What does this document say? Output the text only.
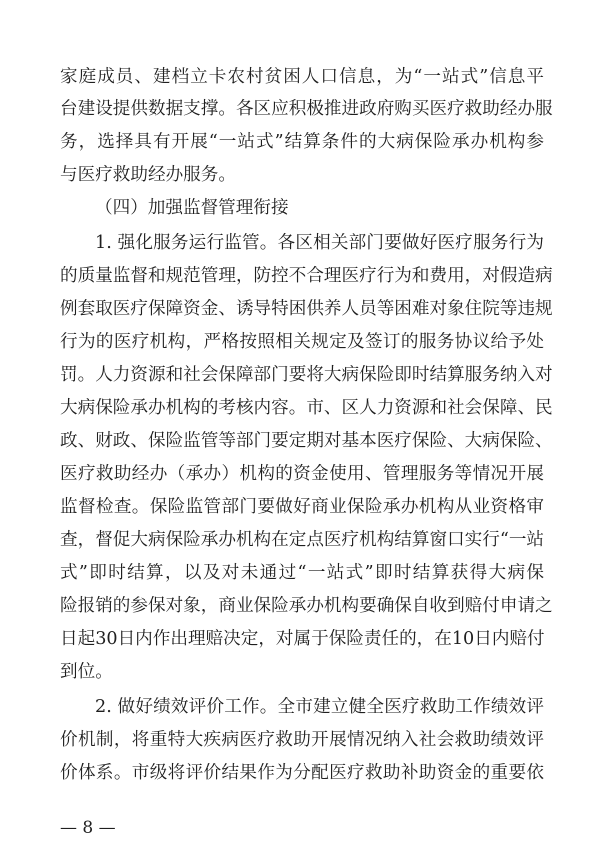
家庭成员、建档立卡农村贫困人口信息，为“一站式”信息平
台建设提供数据支撑。各区应积极推进政府购买医疗救助经办服
务，选择具有开展“一站式”结算条件的大病保险承办机构参
与医疗救助经办服务。
（四）加强监督管理衔接
1. 强化服务运行监管。各区相关部门要做好医疗服务行为
的质量监督和规范管理，防控不合理医疗行为和费用，对假造病
例套取医疗保障资金、诱导特困供养人员等困难对象住院等违规
行为的医疗机构，严格按照相关规定及签订的服务协议给予处
罚。人力资源和社会保障部门要将大病保险即时结算服务纳入对
大病保险承办机构的考核内容。市、区人力资源和社会保障、民
政、财政、保险监管等部门要定期对基本医疗保险、大病保险、
医疗救助经办（承办）机构的资金使用、管理服务等情况开展
监督检查。保险监管部门要做好商业保险承办机构从业资格审
查，督促大病保险承办机构在定点医疗机构结算窗口实行“一站
式”即时结算，以及对未通过“一站式”即时结算获得大病保
险报销的参保对象，商业保险承办机构要确保自收到赔付申请之
日起30日内作出理赔决定，对属于保险责任的，在10日内赔付
到位。
2. 做好绩效评价工作。全市建立健全医疗救助工作绩效评
价机制，将重特大疾病医疗救助开展情况纳入社会救助绩效评
价体系。市级将评价结果作为分配医疗救助补助资金的重要依
— 8 —
